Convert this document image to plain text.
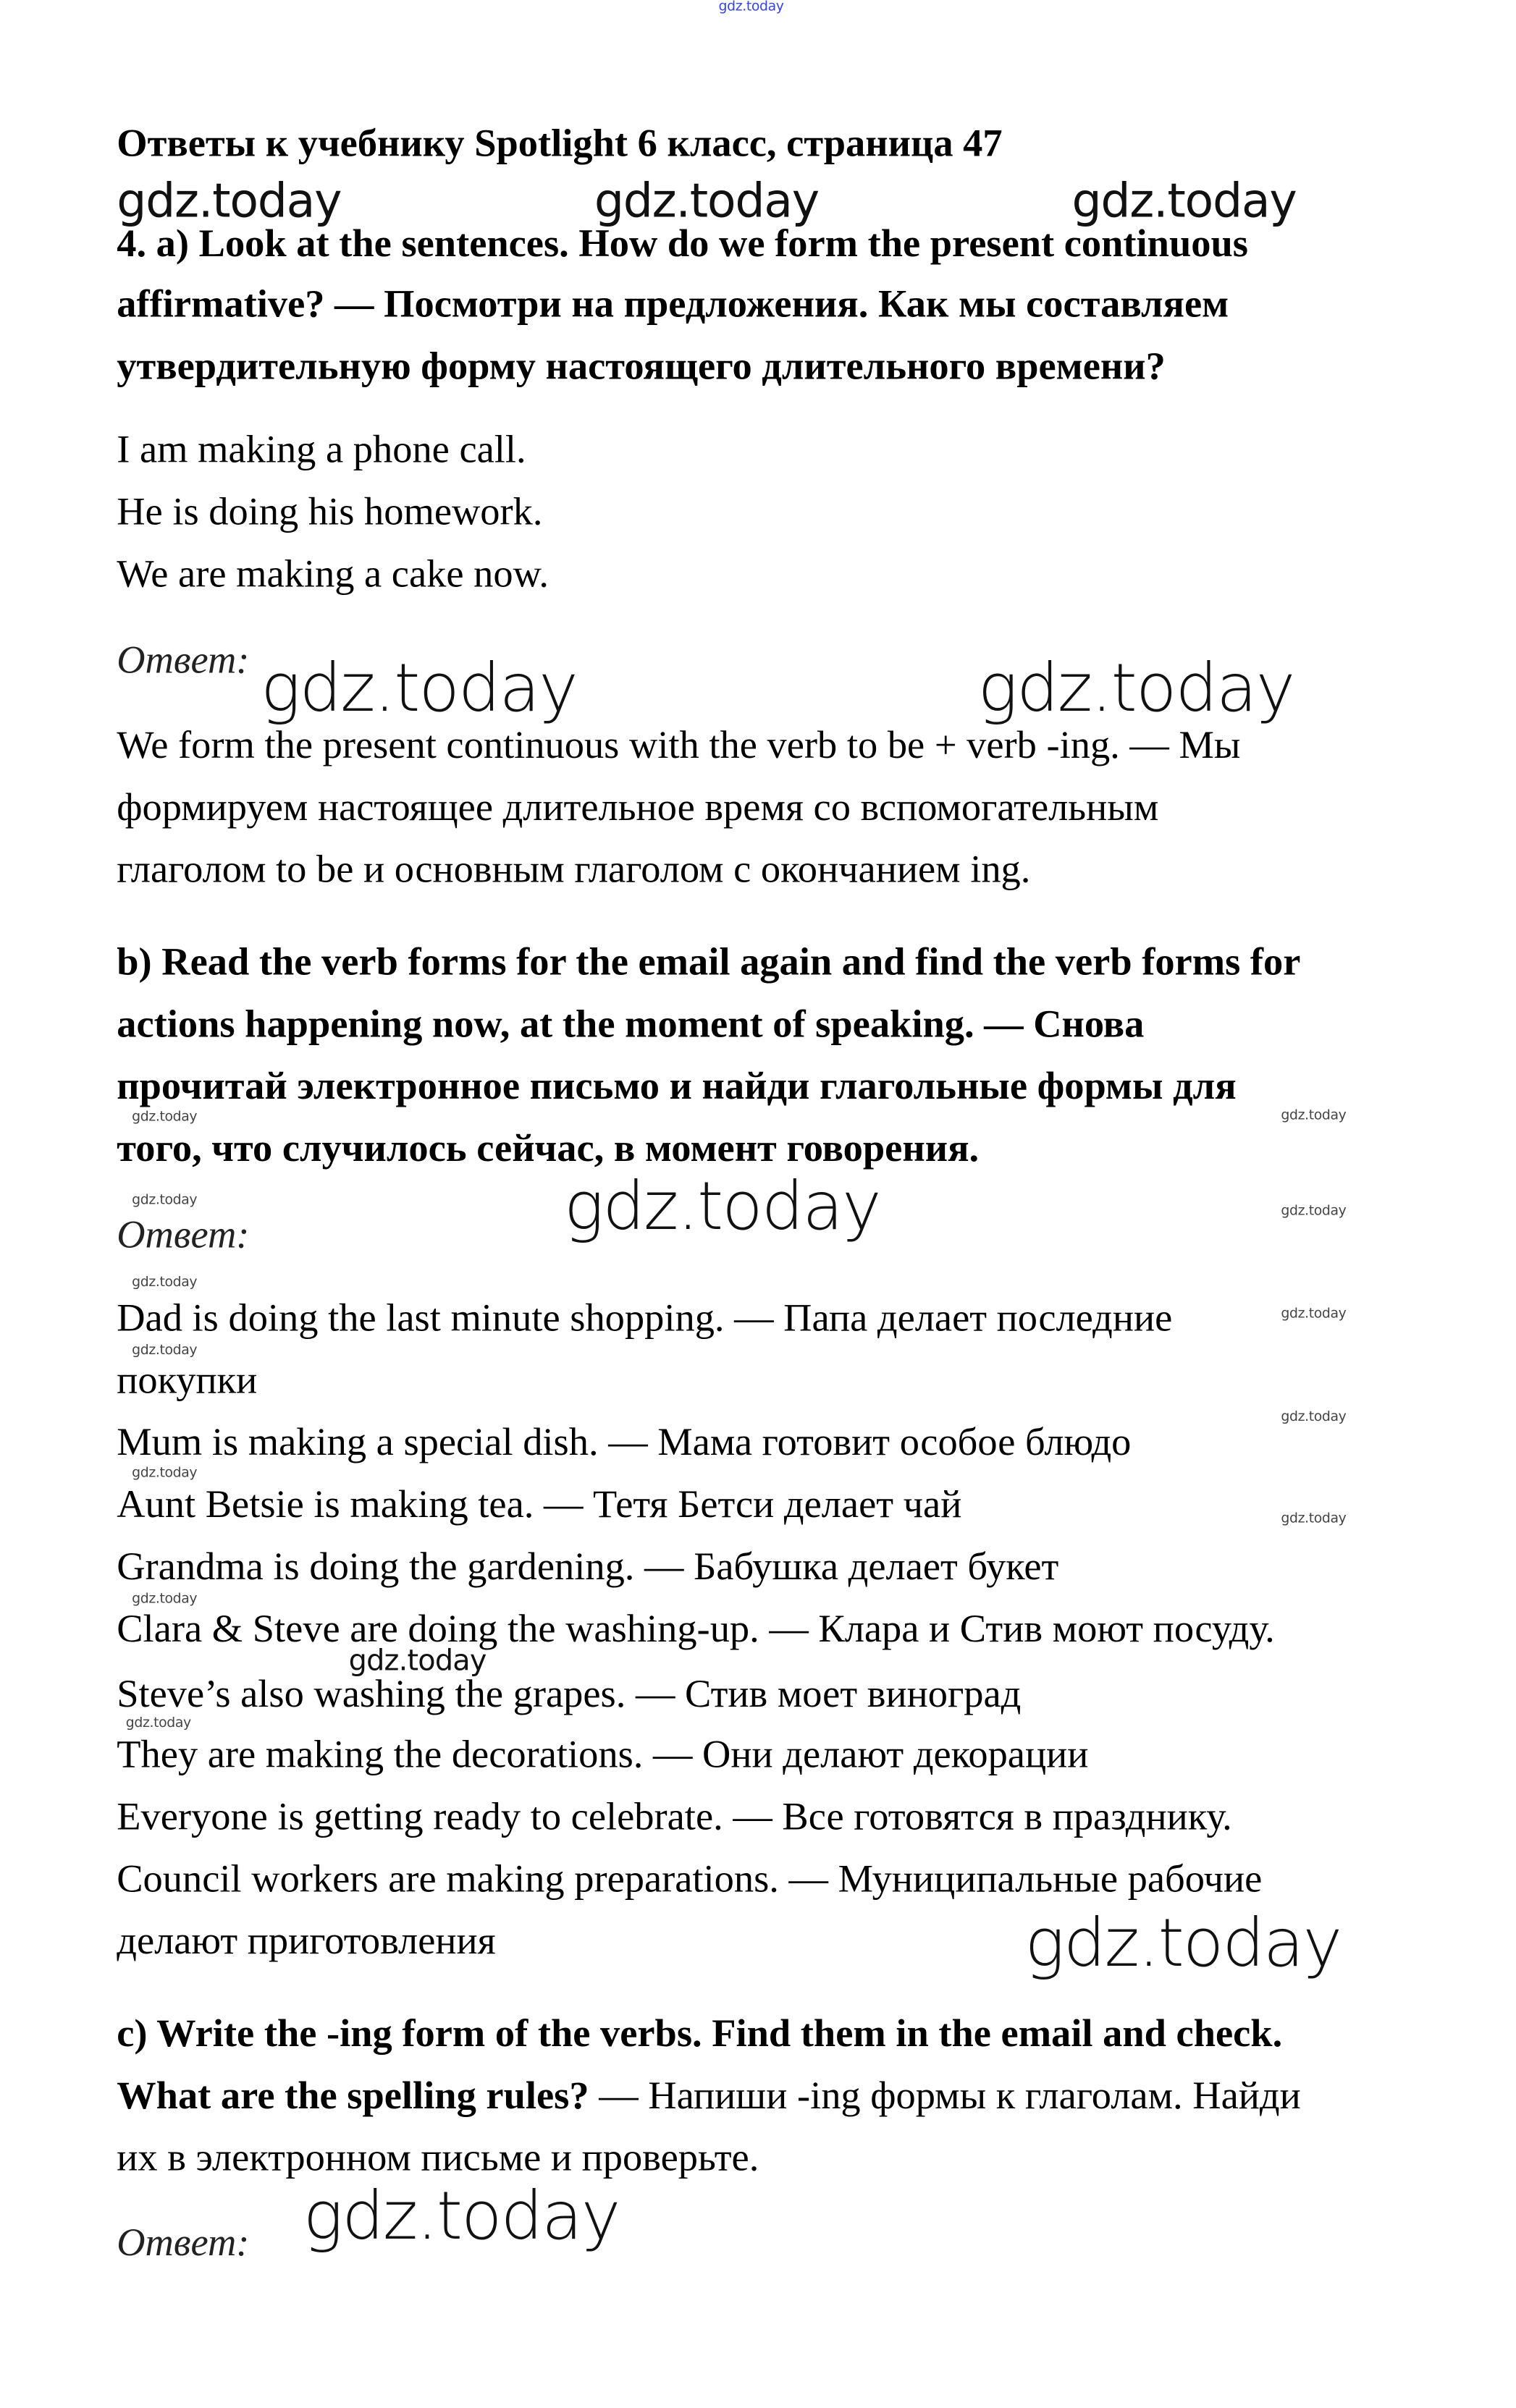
gdz.today
Ответы к учебнику Spotlight 6 класс, страница 47
gdz.today	gdz.today	gdz.today
4. a) Look at the sentences. How do we form the present continuous
affirmative? — Посмотри на предложения. Как мы составляем
утвердительную форму настоящего длительного времени?
I am making a phone call.
He is doing his homework.
We are making a cake now.
Ответ: gdz.today	gdz.today
We form the present continuous with the verb to be + verb -ing. — Мы
формируем настоящее длительное время со вспомогательным
глаголом to be и основным глаголом с окончанием ing.
b) Read the verb forms for the email again and find the verb forms for
actions happening now, at the moment of speaking. — Снова
прочитай электронное письмо и найди глагольные формы для
того, что случилось сейчас, в момент говорения.
gdz.today	gdz.today
gdz.today
gdz.today
gdz.today
gdz.today
gdz.today
gdz.today
gdz.today
gdz.today
gdz.today
gdz.today
gdz.today
Ответ:
Dad is doing the last minute shopping. — Папа делает последние
покупки
Mum is making a special dish. — Мама готовит особое блюдо
Aunt Betsie is making tea. — Тетя Бетси делает чай
Grandma is doing the gardening. — Бабушка делает букет
Clara & Steve are doing the washing-up. — Клара и Стив моют посуду.
gdz.today
Steve’s also washing the grapes. — Стив моет виноград
They are making the decorations. — Они делают декорации
Everyone is getting ready to celebrate. — Все готовятся в празднику.
Council workers are making preparations. — Муниципальные рабочие
делают приготовления	gdz.today
c) Write the -ing form of the verbs. Find them in the email and check.
What are the spelling rules? — Напиши -ing формы к глаголам. Найди
их в электронном письме и проверьте.
gdz.today
Ответ:
